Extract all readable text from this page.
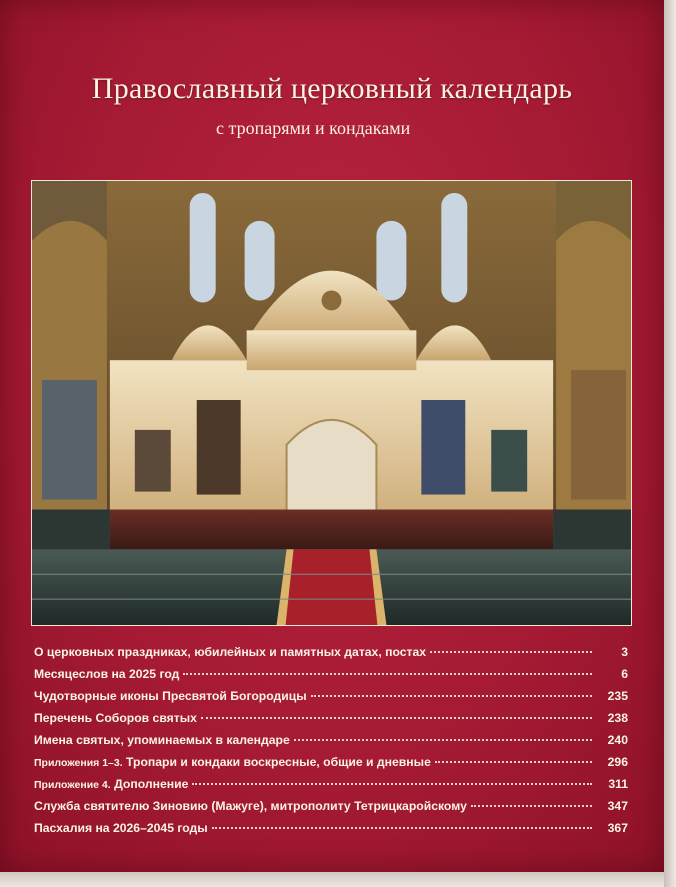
Православный церковный календарь
с тропарями и кондаками
О церковных праздниках, юбилейных и памятных датах, постах	3
Месяцеслов на 2025 год	6
Чудотворные иконы Пресвятой Богородицы	235
Перечень Соборов святых	238
Имена святых, упоминаемых в календаре	240
Приложения 1–3. Тропари и кондаки воскресные, общие и дневные	296
Приложение 4. Дополнение	311
Служба святителю Зиновию (Мажуге), митрополиту Тетрицкаройскому	347
Пасхалия на 2026–2045 годы	367
